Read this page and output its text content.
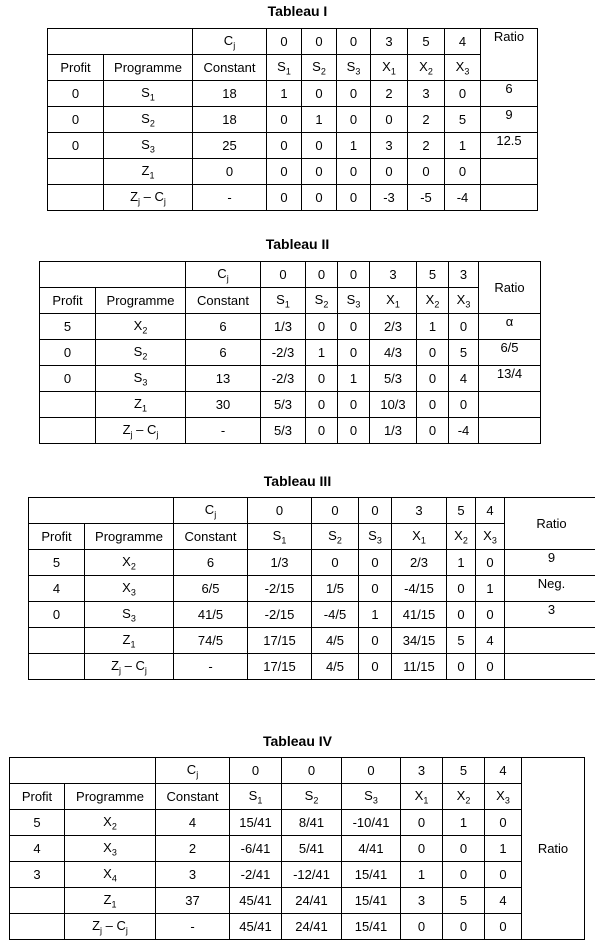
Tableau I
		$C_j$	0	0	0	3	5	4	Ratio
Profit	Programme	Constant	$S_1$	$S_2$	$S_3$	$X_1$	$X_2$	$X_3$
0	$S_1$	18	1	0	0	2	3	0	6
0	$S_2$	18	0	1	0	0	2	5	9
0	$S_3$	25	0	0	1	3	2	1	12.5
	$Z_1$	0	0	0	0	0	0	0	
	$Z_j - C_j$	-	0	0	0	-3	-5	-4	
Tableau II
		$C_j$	0	0	0	3	5	3	Ratio
Profit	Programme	Constant	$S_1$	$S_2$	$S_3$	$X_1$	$X_2$	$X_3$
5	$X_2$	6	1/3	0	0	2/3	1	0	α
0	$S_2$	6	-2/3	1	0	4/3	0	5	6/5
0	$S_3$	13	-2/3	0	1	5/3	0	4	13/4
	$Z_1$	30	5/3	0	0	10/3	0	0	
	$Z_j - C_j$	-	5/3	0	0	1/3	0	-4	
Tableau III
		$C_j$	0	0	0	3	5	4	Ratio
Profit	Programme	Constant	$S_1$	$S_2$	$S_3$	$X_1$	$X_2$	$X_3$
5	$X_2$	6	1/3	0	0	2/3	1	0	9
4	$X_3$	6/5	-2/15	1/5	0	-4/15	0	1	Neg.
0	$S_3$	41/5	-2/15	-4/5	1	41/15	0	0	3
	$Z_1$	74/5	17/15	4/5	0	34/15	5	4	
	$Z_j - C_j$	-	17/15	4/5	0	11/15	0	0	
Tableau IV
		$C_j$	0	0	0	3	5	4	Ratio
Profit	Programme	Constant	$S_1$	$S_2$	$S_3$	$X_1$	$X_2$	$X_3$
5	$X_2$	4	15/41	8/41	-10/41	0	1	0	
4	$X_3$	2	-6/41	5/41	4/41	0	0	1	
3	$X_4$	3	-2/41	-12/41	15/41	1	0	0	
	$Z_1$	37	45/41	24/41	15/41	3	5	4	
	$Z_j - C_j$	-	45/41	24/41	15/41	0	0	0	
